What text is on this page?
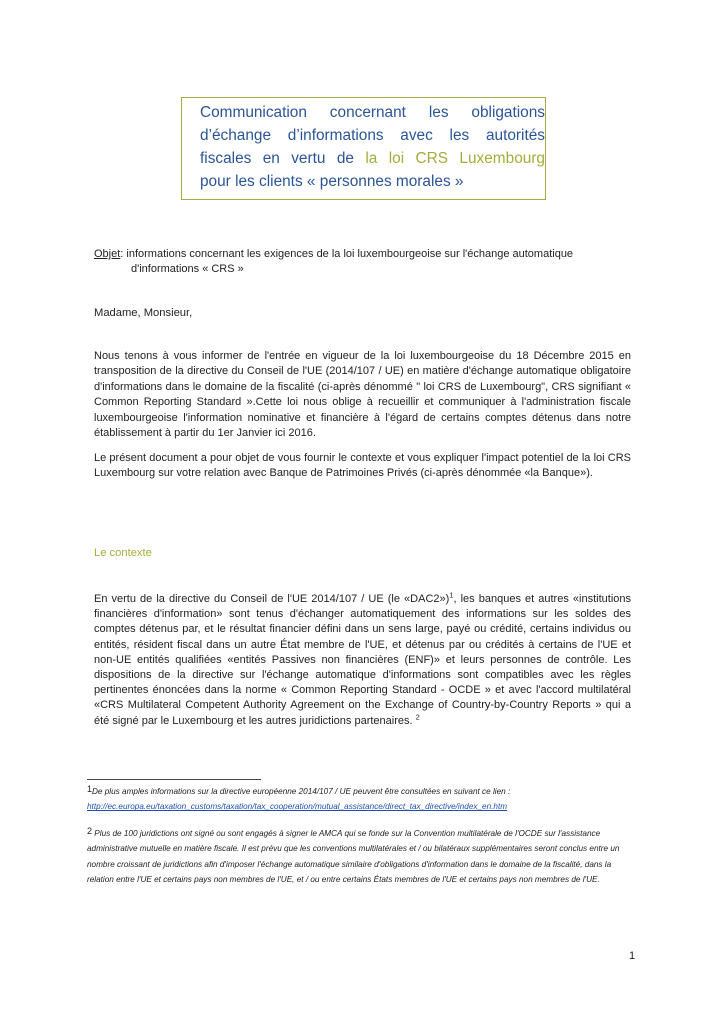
Communication concernant les obligations
d’échange d’informations avec les autorités
fiscales en vertu de la loi CRS Luxembourg
pour les clients « personnes morales »
Objet: informations concernant les exigences de la loi luxembourgeoise sur l'échange automatique
d'informations « CRS »
Madame, Monsieur,
Nous tenons à vous informer de l'entrée en vigueur de la loi luxembourgeoise du 18 Décembre 2015 en transposition de la directive du Conseil de l'UE (2014/107 / UE) en matière d'échange automatique obligatoire d'informations dans le domaine de la fiscalité (ci-après dénommé " loi CRS de Luxembourg", CRS signifiant « Common Reporting Standard ».Cette loi nous oblige à recueillir et communiquer à l'administration fiscale luxembourgeoise l'information nominative et financière à l'égard de certains comptes détenus dans notre établissement à partir du 1er Janvier ici 2016.
Le présent document a pour objet de vous fournir le contexte et vous expliquer l'impact potentiel de la loi CRS Luxembourg sur votre relation avec Banque de Patrimoines Privés (ci-après dénommée «la Banque»).
Le contexte
En vertu de la directive du Conseil de l'UE 2014/107 / UE (le «DAC2»)$^1$, les banques et autres «institutions financières d'information» sont tenus d'échanger automatiquement des informations sur les soldes des comptes détenus par, et le résultat financier défini dans un sens large, payé ou crédité, certains individus ou entités, résident fiscal dans un autre État membre de l'UE, et détenus par ou crédités à certains de l'UE et non-UE entités qualifiées «entités Passives non financières (ENF)» et leurs personnes de contrôle. Les dispositions de la directive sur l'échange automatique d'informations sont compatibles avec les règles pertinentes énoncées dans la norme « Common Reporting Standard - OCDE » et avec l'accord multilatéral «CRS Multilateral Competent Authority Agreement on the Exchange of Country-by-Country Reports » qui a été signé par le Luxembourg et les autres juridictions partenaires. $^2$
1De plus amples informations sur la directive européenne 2014/107 / UE peuvent être consultées en suivant ce lien :
http://ec.europa.eu/taxation_customs/taxation/tax_cooperation/mutual_assistance/direct_tax_directive/index_en.htm
2 Plus de 100 juridictions ont signé ou sont engagés à signer le AMCA qui se fonde sur la Convention multilatérale de l'OCDE sur l'assistance administrative mutuelle en matière fiscale. Il est prévu que les conventions multilatérales et / ou bilatéraux supplémentaires seront conclus entre un nombre croissant de juridictions afin d'imposer l'échange automatique similaire d'obligations d'information dans le domaine de la fiscalité, dans la relation entre l'UE et certains pays non membres de l'UE, et / ou entre certains États membres de l'UE et certains pays non membres de l'UE.
1
